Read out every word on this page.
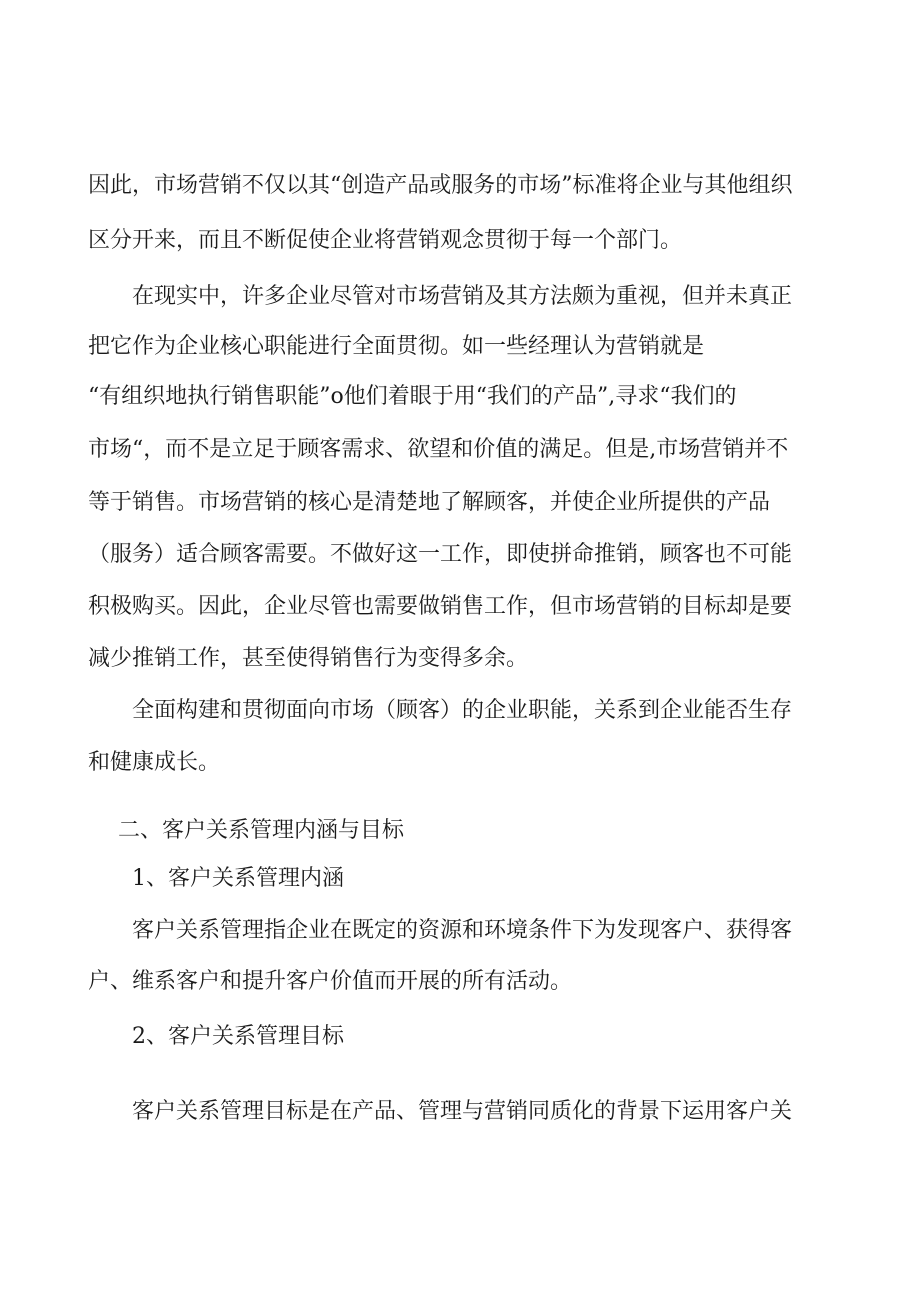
因此，市场营销不仅以其“创造产品或服务的市场”标准将企业与其他组织

区分开来，而且不断促使企业将营销观念贯彻于每一个部门。

在现实中，许多企业尽管对市场营销及其方法颇为重视，但并未真正

把它作为企业核心职能进行全面贯彻。如一些经理认为营销就是

“有组织地执行销售职能”o他们着眼于用“我们的产品”,寻求“我们的

市场“，而不是立足于顾客需求、欲望和价值的满足。但是,市场营销并不

等于销售。市场营销的核心是清楚地了解顾客，并使企业所提供的产品

（服务）适合顾客需要。不做好这一工作，即使拼命推销，顾客也不可能

积极购买。因此，企业尽管也需要做销售工作，但市场营销的目标却是要

减少推销工作，甚至使得销售行为变得多余。

全面构建和贯彻面向市场（顾客）的企业职能，关系到企业能否生存

和健康成长。

二、客户关系管理内涵与目标

1、客户关系管理内涵

客户关系管理指企业在既定的资源和环境条件下为发现客户、获得客

户、维系客户和提升客户价值而开展的所有活动。

2、客户关系管理目标

客户关系管理目标是在产品、管理与营销同质化的背景下运用客户关
